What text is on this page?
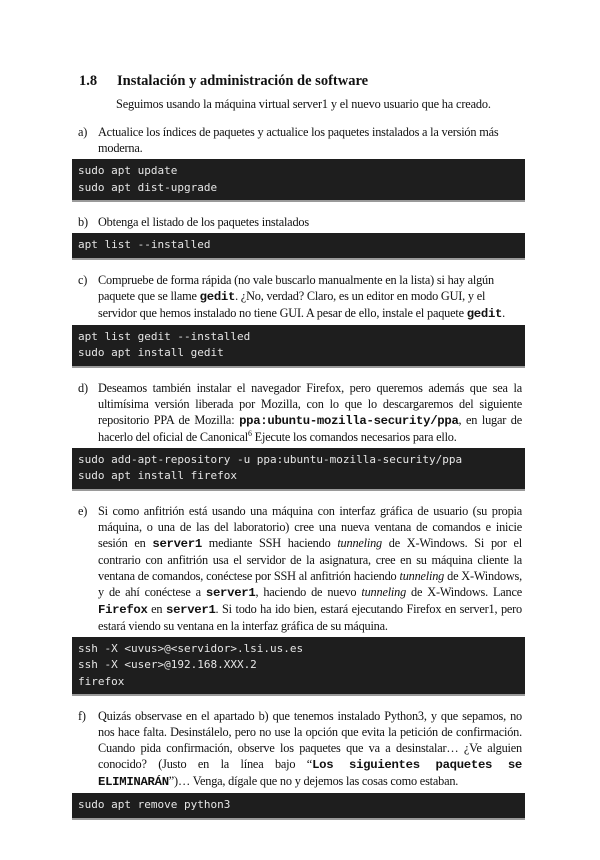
1.8 Instalación y administración de software
Seguimos usando la máquina virtual server1 y el nuevo usuario que ha creado.
a) Actualice los índices de paquetes y actualice los paquetes instalados a la versión más moderna.
sudo apt update
sudo apt dist-upgrade
b) Obtenga el listado de los paquetes instalados
apt list --installed
c) Compruebe de forma rápida (no vale buscarlo manualmente en la lista) si hay algún paquete que se llame gedit. ¿No, verdad? Claro, es un editor en modo GUI, y el servidor que hemos instalado no tiene GUI. A pesar de ello, instale el paquete gedit.
apt list gedit --installed
sudo apt install gedit
d) Deseamos también instalar el navegador Firefox, pero queremos además que sea la ultimísima versión liberada por Mozilla, con lo que lo descargaremos del siguiente repositorio PPA de Mozilla: ppa:ubuntu-mozilla-security/ppa, en lugar de hacerlo del oficial de Canonical$^6$ Ejecute los comandos necesarios para ello.
sudo add-apt-repository -u ppa:ubuntu-mozilla-security/ppa
sudo apt install firefox
e) Si como anfitrión está usando una máquina con interfaz gráfica de usuario (su propia máquina, o una de las del laboratorio) cree una nueva ventana de comandos e inicie sesión en server1 mediante SSH haciendo tunneling de X-Windows. Si por el contrario con anfitrión usa el servidor de la asignatura, cree en su máquina cliente la ventana de comandos, conéctese por SSH al anfitrión haciendo tunneling de X-Windows, y de ahí conéctese a server1, haciendo de nuevo tunneling de X-Windows. Lance Firefox en server1. Si todo ha ido bien, estará ejecutando Firefox en server1, pero estará viendo su ventana en la interfaz gráfica de su máquina.
ssh -X <uvus>@<servidor>.lsi.us.es
ssh -X <user>@192.168.XXX.2
firefox
f) Quizás observase en el apartado b) que tenemos instalado Python3, y que sepamos, no nos hace falta. Desinstálelo, pero no use la opción que evita la petición de confirmación. Cuando pida confirmación, observe los paquetes que va a desinstalar… ¿Ve alguien conocido? (Justo en la línea bajo “Los siguientes paquetes se ELIMINARÁN”)… Venga, dígale que no y dejemos las cosas como estaban.
sudo apt remove python3
